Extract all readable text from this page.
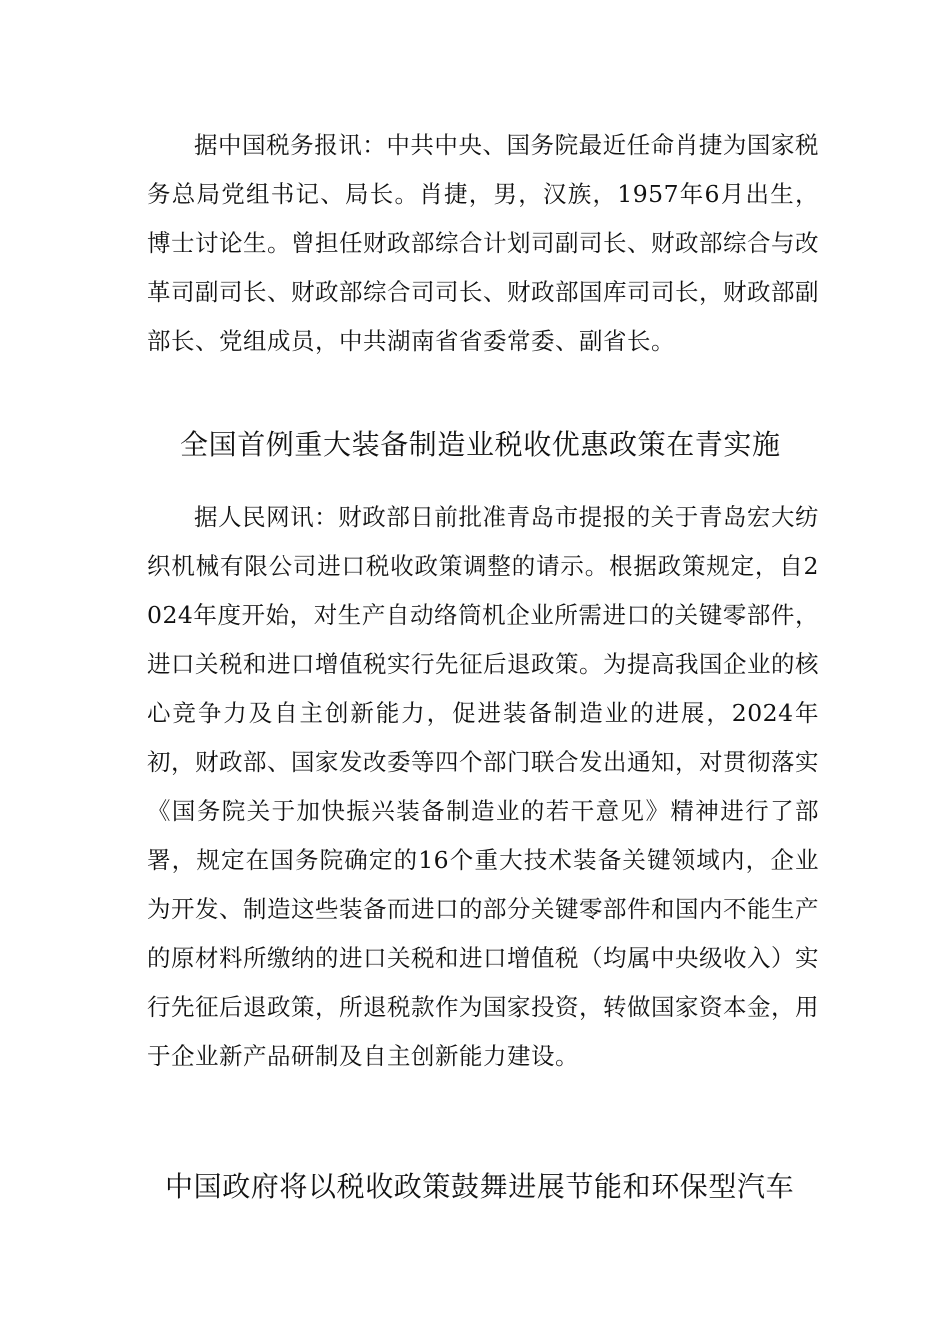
据中国税务报讯：中共中央、国务院最近任命肖捷为国家税务总局党组书记、局长。肖捷，男，汉族，1957年6月出生，博士讨论生。曾担任财政部综合计划司副司长、财政部综合与改革司副司长、财政部综合司司长、财政部国库司司长，财政部副部长、党组成员，中共湖南省省委常委、副省长。

全国首例重大装备制造业税收优惠政策在青实施

据人民网讯：财政部日前批准青岛市提报的关于青岛宏大纺织机械有限公司进口税收政策调整的请示。根据政策规定，自2024年度开始，对生产自动络筒机企业所需进口的关键零部件，进口关税和进口增值税实行先征后退政策。为提高我国企业的核心竞争力及自主创新能力，促进装备制造业的进展，2024年初，财政部、国家发改委等四个部门联合发出通知，对贯彻落实《国务院关于加快振兴装备制造业的若干意见》精神进行了部署，规定在国务院确定的16个重大技术装备关键领域内，企业为开发、制造这些装备而进口的部分关键零部件和国内不能生产的原材料所缴纳的进口关税和进口增值税（均属中央级收入）实行先征后退政策，所退税款作为国家投资，转做国家资本金，用于企业新产品研制及自主创新能力建设。

中国政府将以税收政策鼓舞进展节能和环保型汽车
